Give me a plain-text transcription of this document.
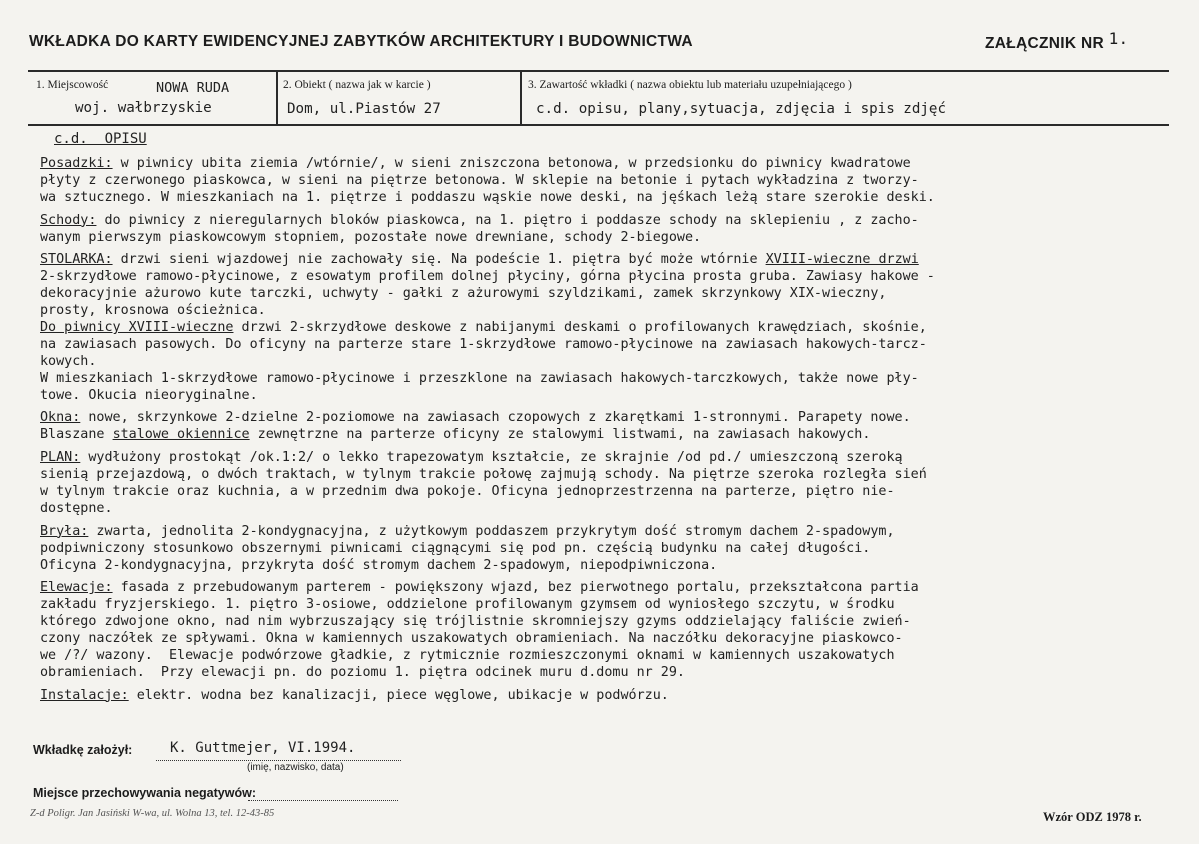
WKŁADKA DO KARTY EWIDENCYJNEJ ZABYTKÓW ARCHITEKTURY I BUDOWNICTWA	ZAŁĄCZNIK NR 1.
1. Miejscowość	NOWA RUDA
woj. wałbrzyskie
2. Obiekt ( nazwa jak w karcie )
Dom, ul.Piastów 27
3. Zawartość wkładki ( nazwa obiektu lub materiału uzupełniającego )
c.d. opisu, plany,sytuacja, zdjęcia i spis zdjęć
c.d.  OPISU
Posadzki: w piwnicy ubita ziemia /wtórnie/, w sieni zniszczona betonowa, w przedsionku do piwnicy kwadratowe
płyty z czerwonego piaskowca, w sieni na piętrze betonowa. W sklepie na betonie i pytach wykładzina z tworzy-
wa sztucznego. W mieszkaniach na 1. piętrze i poddaszu wąskie nowe deski, na jęśkach leżą stare szerokie deski.
Schody: do piwnicy z nieregularnych bloków piaskowca, na 1. piętro i poddasze schody na sklepieniu , z zacho-
wanym pierwszym piaskowcowym stopniem, pozostałe nowe drewniane, schody 2-biegowe.
STOLARKA: drzwi sieni wjazdowej nie zachowały się. Na podeście 1. piętra być może wtórnie XVIII-wieczne drzwi
2-skrzydłowe ramowo-płycinowe, z esowatym profilem dolnej płyciny, górna płycina prosta gruba. Zawiasy hakowe -
dekoracyjnie ażurowo kute tarczki, uchwyty - gałki z ażurowymi szyldzikami, zamek skrzynkowy XIX-wieczny,
prosty, krosnowa ościeżnica.
Do piwnicy XVIII-wieczne drzwi 2-skrzydłowe deskowe z nabijanymi deskami o profilowanych krawędziach, skośnie,
na zawiasach pasowych. Do oficyny na parterze stare 1-skrzydłowe ramowo-płycinowe na zawiasach hakowych-tarcz-
kowych.
W mieszkaniach 1-skrzydłowe ramowo-płycinowe i przeszklone na zawiasach hakowych-tarczkowych, także nowe pły-
towe. Okucia nieoryginalne.
Okna: nowe, skrzynkowe 2-dzielne 2-poziomowe na zawiasach czopowych z zkarętkami 1-stronnymi. Parapety nowe.
Blaszane stalowe okiennice zewnętrzne na parterze oficyny ze stalowymi listwami, na zawiasach hakowych.
PLAN: wydłużony prostokąt /ok.1:2/ o lekko trapezowatym kształcie, ze skrajnie /od pd./ umieszczoną szeroką
sienią przejazdową, o dwóch traktach, w tylnym trakcie połowę zajmują schody. Na piętrze szeroka rozległa sień
w tylnym trakcie oraz kuchnia, a w przednim dwa pokoje. Oficyna jednoprzestrzenna na parterze, piętro nie-
dostępne.
Bryła: zwarta, jednolita 2-kondygnacyjna, z użytkowym poddaszem przykrytym dość stromym dachem 2-spadowym,
podpiwniczony stosunkowo obszernymi piwnicami ciągnącymi się pod pn. częścią budynku na całej długości.
Oficyna 2-kondygnacyjna, przykryta dość stromym dachem 2-spadowym, niepodpiwniczona.
Elewacje: fasada z przebudowanym parterem - powiększony wjazd, bez pierwotnego portalu, przekształcona partia
zakładu fryzjerskiego. 1. piętro 3-osiowe, oddzielone profilowanym gzymsem od wyniosłego szczytu, w środku
którego zdwojone okno, nad nim wybrzuszający się trójlistnie skromniejszy gzyms oddzielający faliście zwień-
czony naczółek ze spływami. Okna w kamiennych uszakowatych obramieniach. Na naczółku dekoracyjne piaskowco-
we /?/ wazony.  Elewacje podwórzowe gładkie, z rytmicznie rozmieszczonymi oknami w kamiennych uszakowatych
obramieniach.  Przy elewacji pn. do poziomu 1. piętra odcinek muru d.domu nr 29.
Instalacje: elektr. wodna bez kanalizacji, piece węglowe, ubikacje w podwórzu.
Wkładkę założył:	K. Guttmejer, VI.1994.
(imię, nazwisko, data)
Miejsce przechowywania negatywów:
Z-d Poligr. Jan Jasiński W-wa, ul. Wolna 13, tel. 12-43-85	Wzór ODZ 1978 r.
